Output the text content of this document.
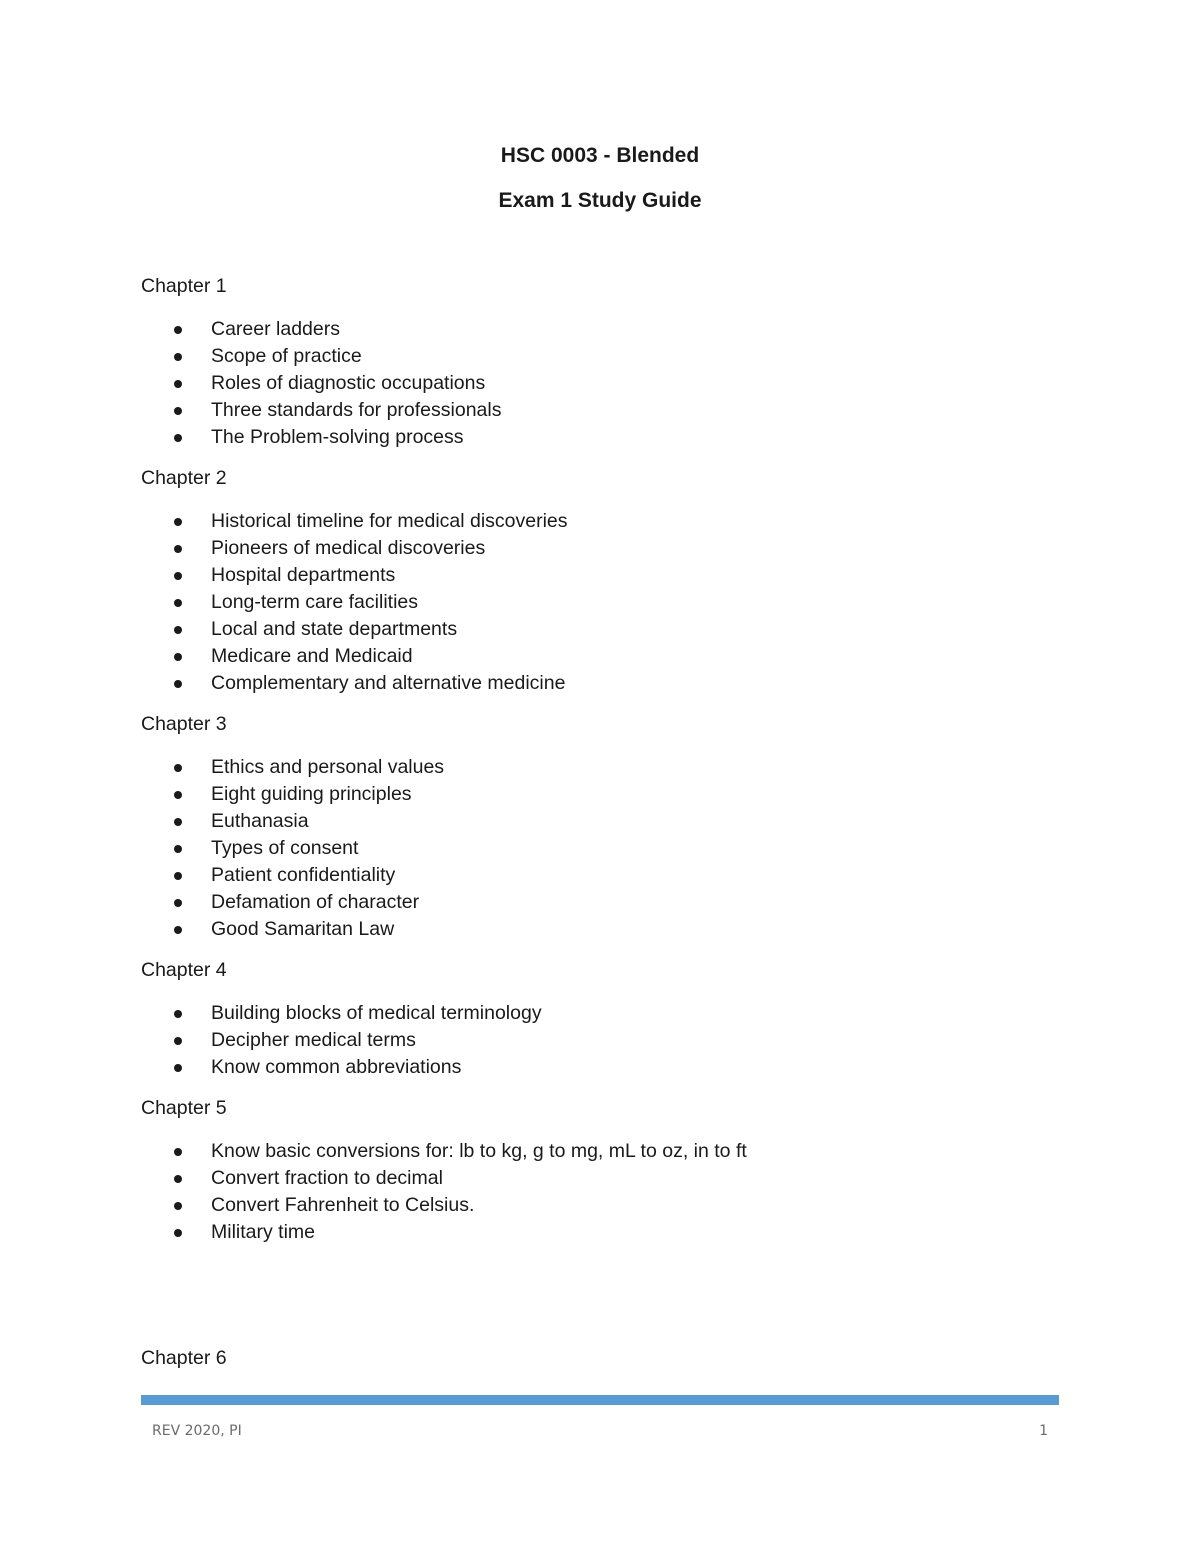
HSC 0003 - Blended
Exam 1 Study Guide

Chapter 1

Career ladders
Scope of practice
Roles of diagnostic occupations
Three standards for professionals
The Problem-solving process

Chapter 2

Historical timeline for medical discoveries
Pioneers of medical discoveries
Hospital departments
Long-term care facilities
Local and state departments
Medicare and Medicaid
Complementary and alternative medicine

Chapter 3

Ethics and personal values
Eight guiding principles
Euthanasia
Types of consent
Patient confidentiality
Defamation of character
Good Samaritan Law

Chapter 4

Building blocks of medical terminology
Decipher medical terms
Know common abbreviations

Chapter 5

Know basic conversions for: lb to kg, g to mg, mL to oz, in to ft
Convert fraction to decimal
Convert Fahrenheit to Celsius.
Military time

Chapter 6

REV 2020, PI	1
